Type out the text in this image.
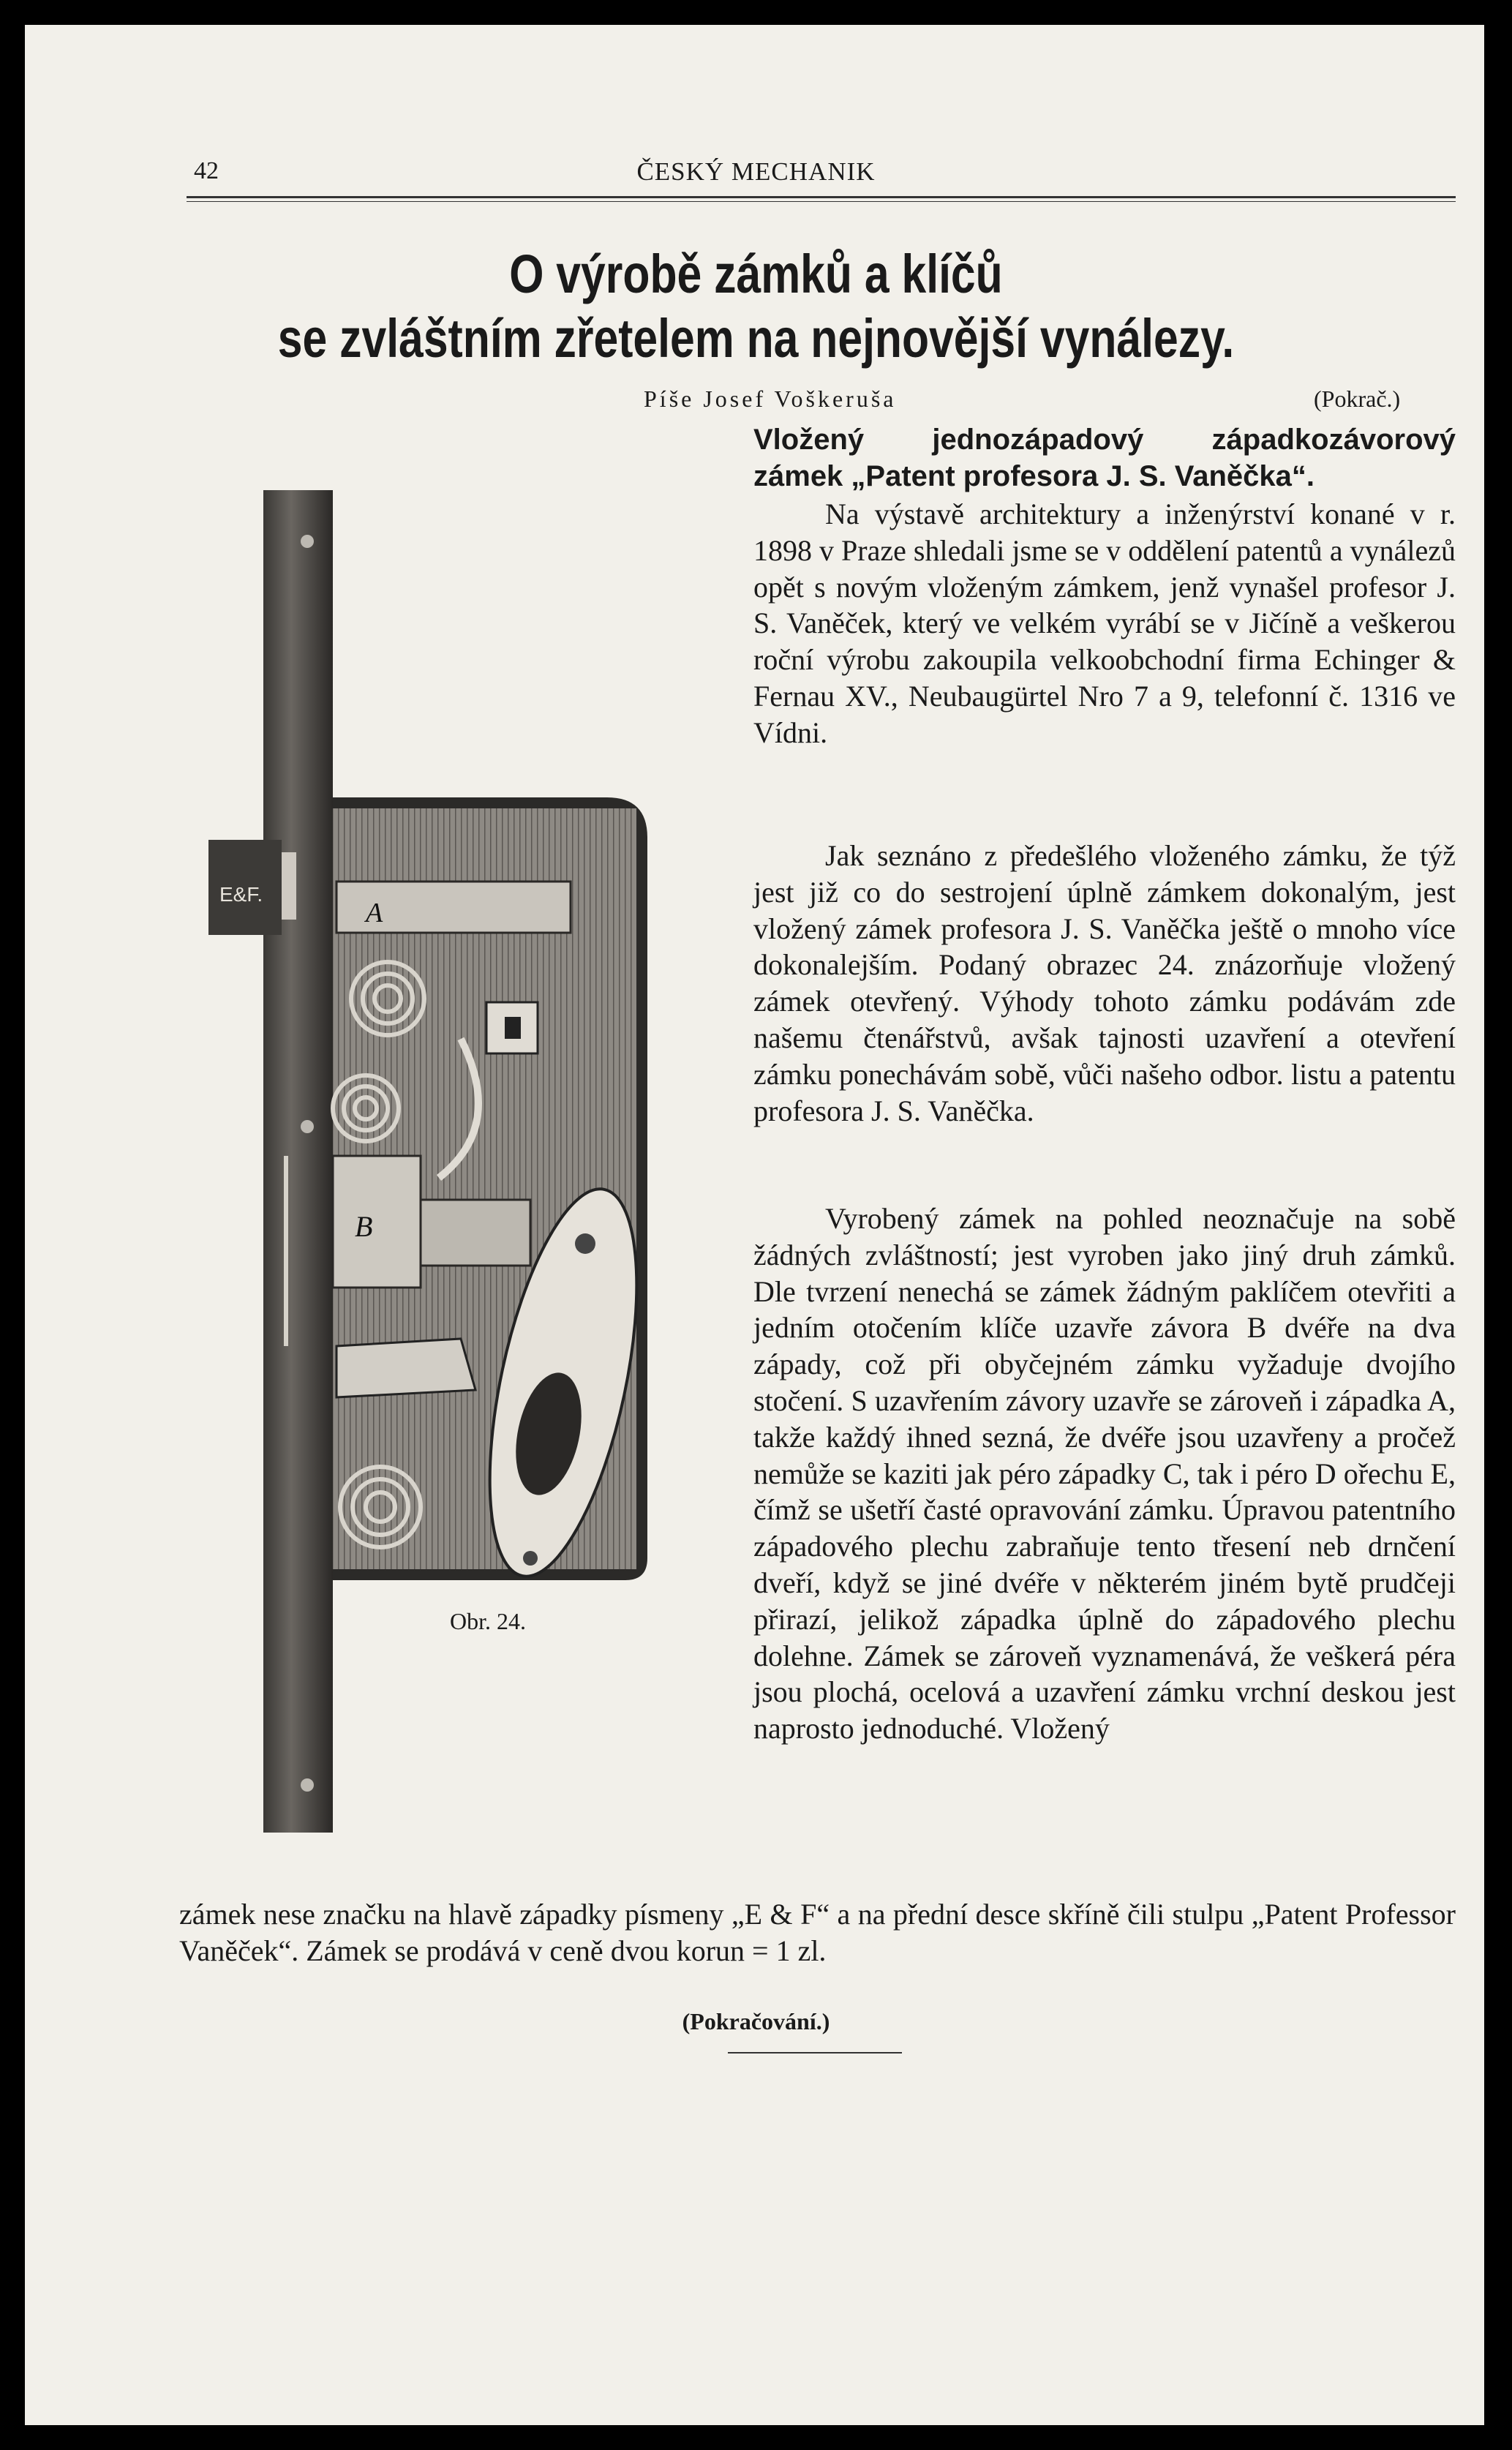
42	ČESKÝ MECHANIK
O výrobě zámků a klíčů
se zvláštním zřetelem na nejnovější vynálezy.
Píše Josef Voškeruša	(Pokrač.)
Vložený jednozápadový západkozávorový
zámek „Patent profesora J. S. Vaněčka“.

Na výstavě architektury a inženýrství konané v r. 1898 v Praze shledali jsme se v oddělení patentů a vynálezů opět s novým vloženým zámkem, jenž vynašel profesor J. S. Vaněček, který ve velkém vyrábí se v Jičíně a veškerou roční výrobu zakoupila velkoobchodní firma Echinger & Fernau XV., Neubaugürtel Nro 7 a 9, telefonní č. 1316 ve Vídni.

Jak seznáno z předešlého vloženého zámku, že týž jest již co do sestrojení úplně zámkem dokonalým, jest vložený zámek profesora J. S. Vaněčka ještě o mnoho více dokonalejším. Podaný obrazec 24. znázorňuje vložený zámek otevřený. Výhody tohoto zámku podávám zde našemu čtenářstvů, avšak tajnosti uzavření a otevření zámku ponechávám sobě, vůči našeho odbor. listu a patentu profesora J. S. Vaněčka.

Vyrobený zámek na pohled neoznačuje na sobě žádných zvláštností; jest vyroben jako jiný druh zámků. Dle tvrzení nenechá se zámek žádným paklíčem otevřiti a jedním otočením klíče uzavře závora B dvéře na dva západy, což při obyčejném zámku vyžaduje dvojího stočení. S uzavřením závory uzavře se zároveň i západka A, takže každý ihned sezná, že dvéře jsou uzavřeny a pročež nemůže se kaziti jak péro západky C, tak i péro D ořechu E, čímž se ušetří časté opravování zámku. Úpravou patentního západového plechu zabraňuje tento třesení neb drnčení dveří, když se jiné dvéře v některém jiném bytě prudčeji přirazí, jelikož západka úplně do západového plechu dolehne. Zámek se zároveň vyznamenává, že veškerá péra jsou plochá, ocelová a uzavření zámku vrchní deskou jest naprosto jednoduché. Vložený

zámek nese značku na hlavě západky písmeny „E & F“ a na přední desce skříně čili stulpu „Patent Professor Vaněček“. Zámek se prodává v ceně dvou korun = 1 zl.

(Pokračování.)
E&F.
A
B
Obr. 24.
